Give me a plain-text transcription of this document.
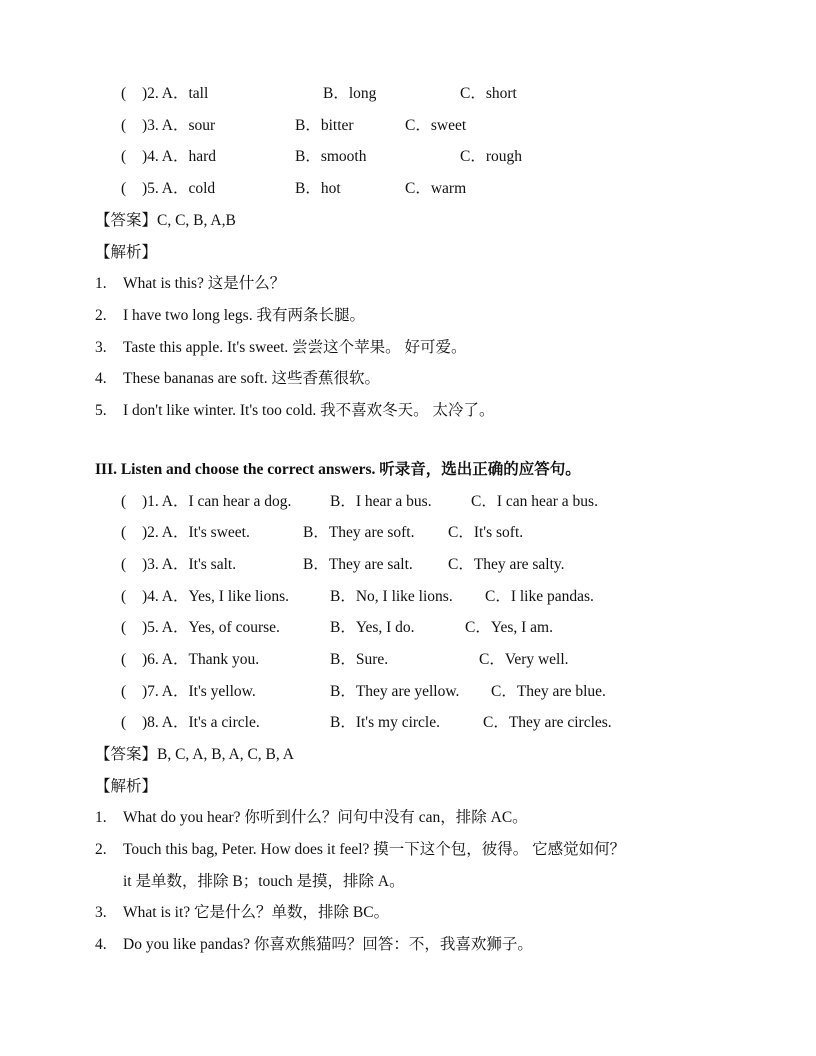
( )2. A．tall	B．long	C．short
( )3. A．sour	B．bitter	C．sweet
( )4. A．hard	B．smooth	C．rough
( )5. A．cold	B．hot	C．warm
【答案】C, C, B, A,B
【解析】
1. What is this? 这是什么？
2. I have two long legs. 我有两条长腿。
3. Taste this apple. It's sweet. 尝尝这个苹果。 好可爱。
4. These bananas are soft. 这些香蕉很软。
5. I don't like winter. It's too cold. 我不喜欢冬天。 太冷了。
III. Listen and choose the correct answers. 听录音，选出正确的应答句。
( )1. A．I can hear a dog. B．I hear a bus.	C．I can hear a bus.
( )2. A．It's sweet.	B．They are soft. C．It's soft.
( )3. A．It's salt.	B．They are salt. C．They are salty.
( )4. A．Yes, I like lions.	B．No, I like lions. C．I like pandas.
( )5. A．Yes, of course.	B．Yes, I do.	C．Yes, I am.
( )6. A．Thank you.	B．Sure.	C．Very well.
( )7. A．It's yellow.	B．They are yellow. C．They are blue.
( )8. A．It's a circle.	B．It's my circle.	C．They are circles.
【答案】B, C, A, B, A, C, B, A
【解析】
1. What do you hear? 你听到什么？问句中没有 can，排除 AC。
2. Touch this bag, Peter. How does it feel? 摸一下这个包，彼得。 它感觉如何？
it 是单数，排除 B；touch 是摸，排除 A。
3. What is it? 它是什么？单数，排除 BC。
4. Do you like pandas? 你喜欢熊猫吗？回答：不，我喜欢狮子。
